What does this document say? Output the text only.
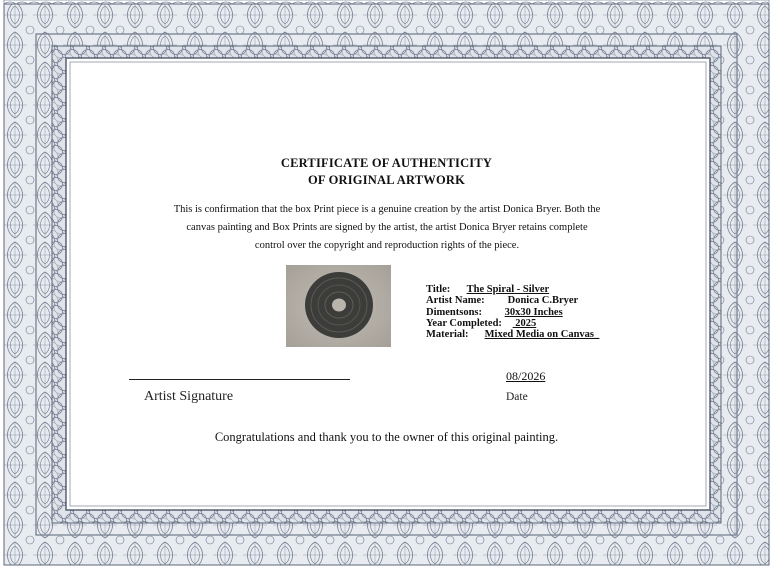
CERTIFICATE OF AUTHENTICITY
OF ORIGINAL ARTWORK
This is confirmation that the box Print piece is a genuine creation by the artist Donica Bryer. Both the
canvas painting and Box Prints are signed by the artist, the artist Donica Bryer retains complete
control over the copyright and reproduction rights of the piece.
Title: The Spiral - Silver
Artist Name: Donica C.Bryer
Dimentsons: 30x30 Inches
Year Completed:  2025
Material: Mixed Media on Canvas_
Artist Signature
08/2026
Date
Congratulations and thank you to the owner of this original painting.
